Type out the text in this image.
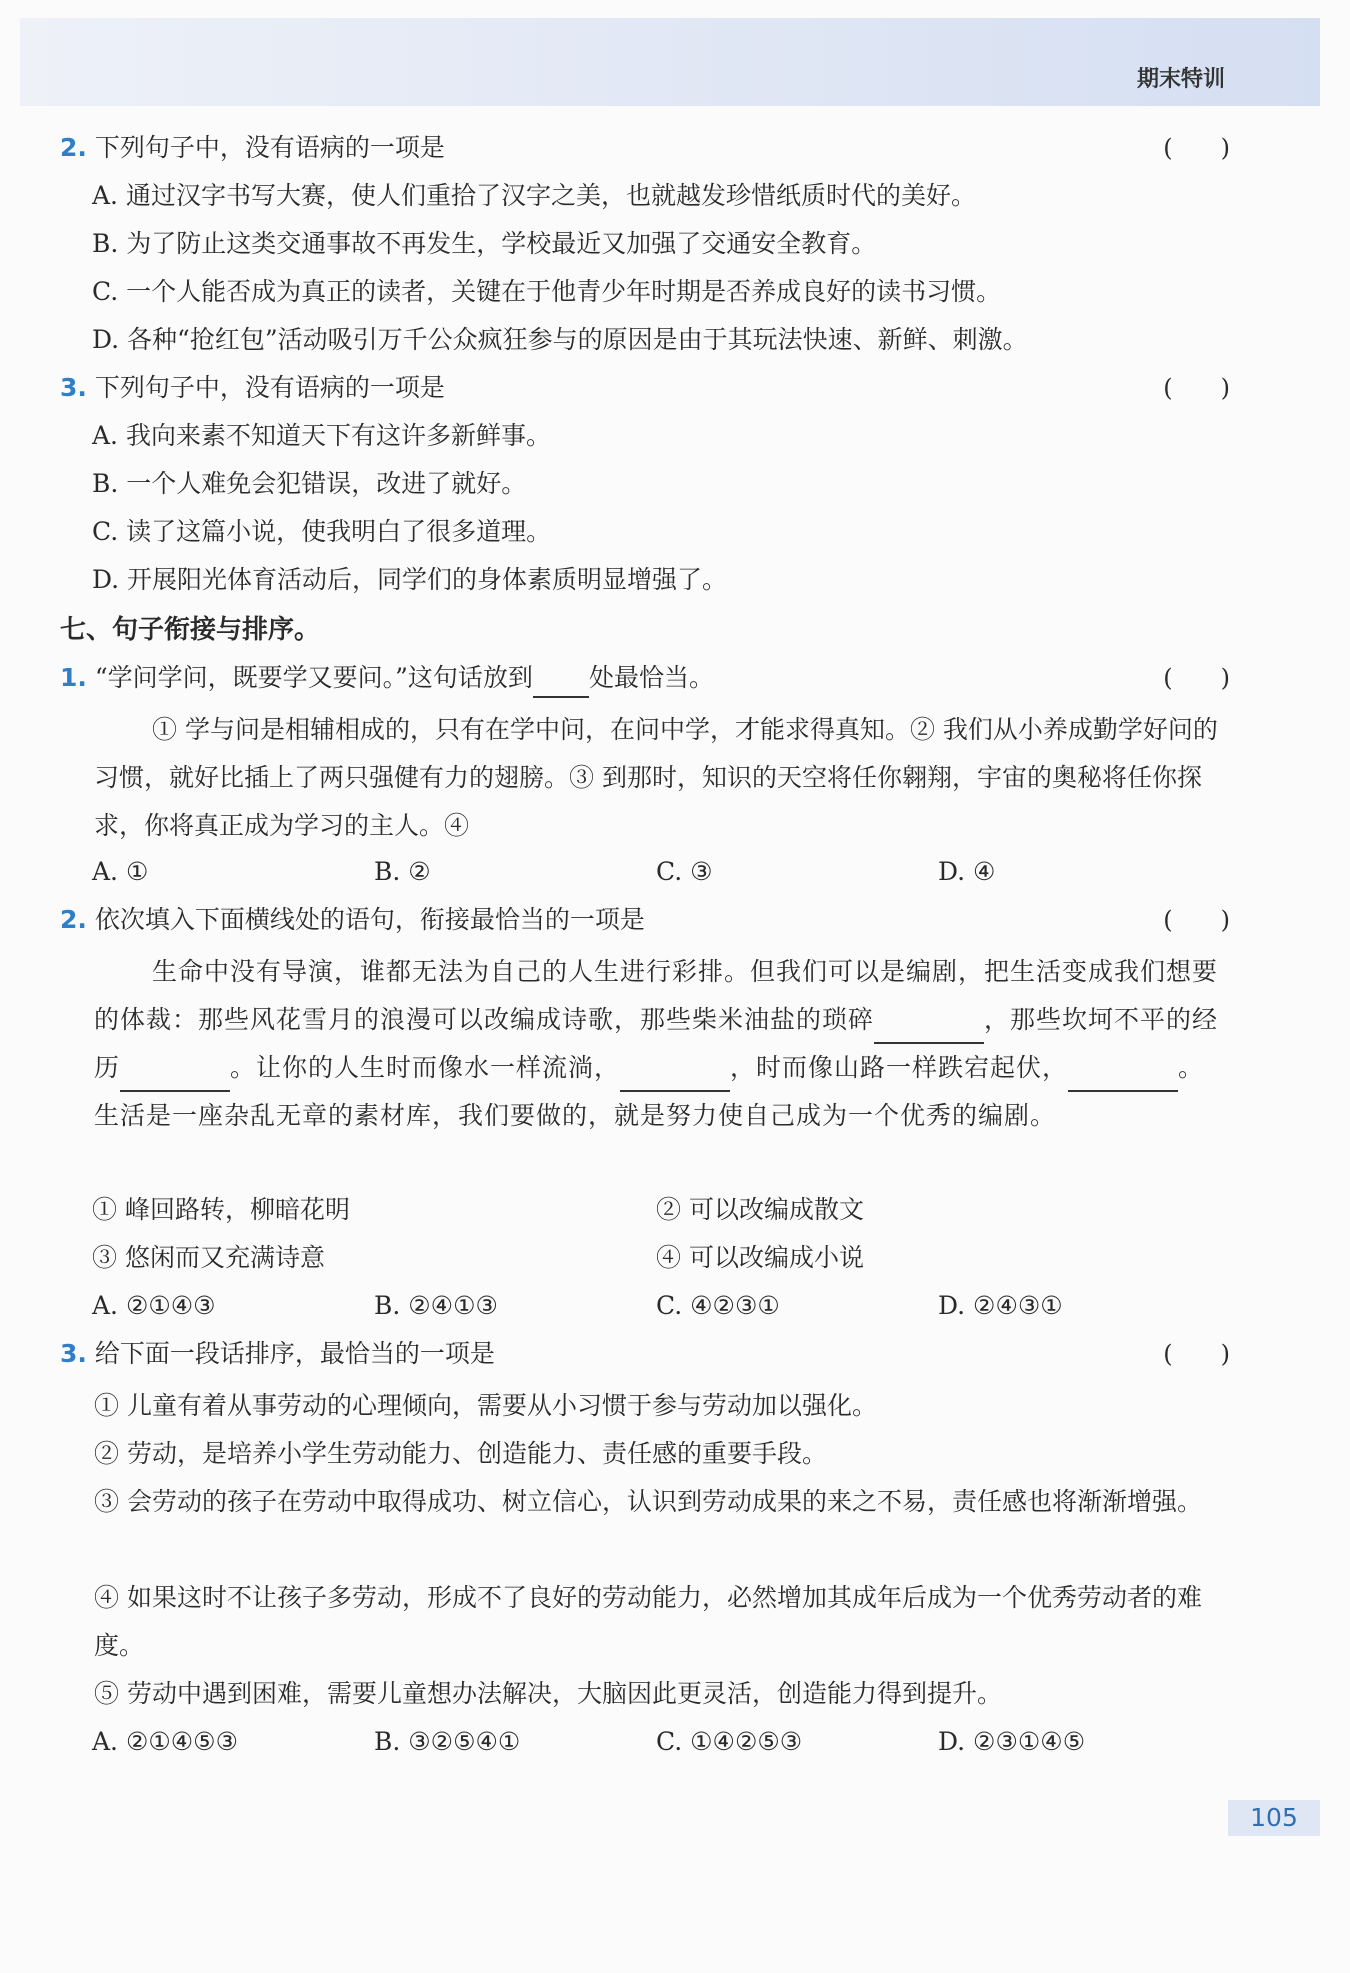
期末特训
2. 下列句子中，没有语病的一项是	(　　)
A. 通过汉字书写大赛，使人们重拾了汉字之美，也就越发珍惜纸质时代的美好。
B. 为了防止这类交通事故不再发生，学校最近又加强了交通安全教育。
C. 一个人能否成为真正的读者，关键在于他青少年时期是否养成良好的读书习惯。
D. 各种“抢红包”活动吸引万千公众疯狂参与的原因是由于其玩法快速、新鲜、刺激。
3. 下列句子中，没有语病的一项是	(　　)
A. 我向来素不知道天下有这许多新鲜事。
B. 一个人难免会犯错误，改进了就好。
C. 读了这篇小说，使我明白了很多道理。
D. 开展阳光体育活动后，同学们的身体素质明显增强了。
七、句子衔接与排序。
1. “学问学问，既要学又要问。”这句话放到 处最恰当。	(　　)
① 学与问是相辅相成的，只有在学中问，在问中学，才能求得真知。② 我们从小养成勤学好问的习惯，就好比插上了两只强健有力的翅膀。③ 到那时，知识的天空将任你翱翔，宇宙的奥秘将任你探求，你将真正成为学习的主人。④
A. ①	B. ②	C. ③	D. ④
2. 依次填入下面横线处的语句，衔接最恰当的一项是	(　　)
生命中没有导演，谁都无法为自己的人生进行彩排。但我们可以是编剧，把生活变成我们想要的体裁：那些风花雪月的浪漫可以改编成诗歌，那些柴米油盐的琐碎	，那些坎坷不平的经历	。让你的人生时而像水一样流淌，	，时而像山路一样跌宕起伏，	。生活是一座杂乱无章的素材库，我们要做的，就是努力使自己成为一个优秀的编剧。
① 峰回路转，柳暗花明	② 可以改编成散文
③ 悠闲而又充满诗意	④ 可以改编成小说
A. ②①④③	B. ②④①③	C. ④②③①	D. ②④③①
3. 给下面一段话排序，最恰当的一项是	(　　)
① 儿童有着从事劳动的心理倾向，需要从小习惯于参与劳动加以强化。
② 劳动，是培养小学生劳动能力、创造能力、责任感的重要手段。
③ 会劳动的孩子在劳动中取得成功、树立信心，认识到劳动成果的来之不易，责任感也将渐渐增强。
④ 如果这时不让孩子多劳动，形成不了良好的劳动能力，必然增加其成年后成为一个优秀劳动者的难度。
⑤ 劳动中遇到困难，需要儿童想办法解决，大脑因此更灵活，创造能力得到提升。
A. ②①④⑤③	B. ③②⑤④①	C. ①④②⑤③	D. ②③①④⑤
105
